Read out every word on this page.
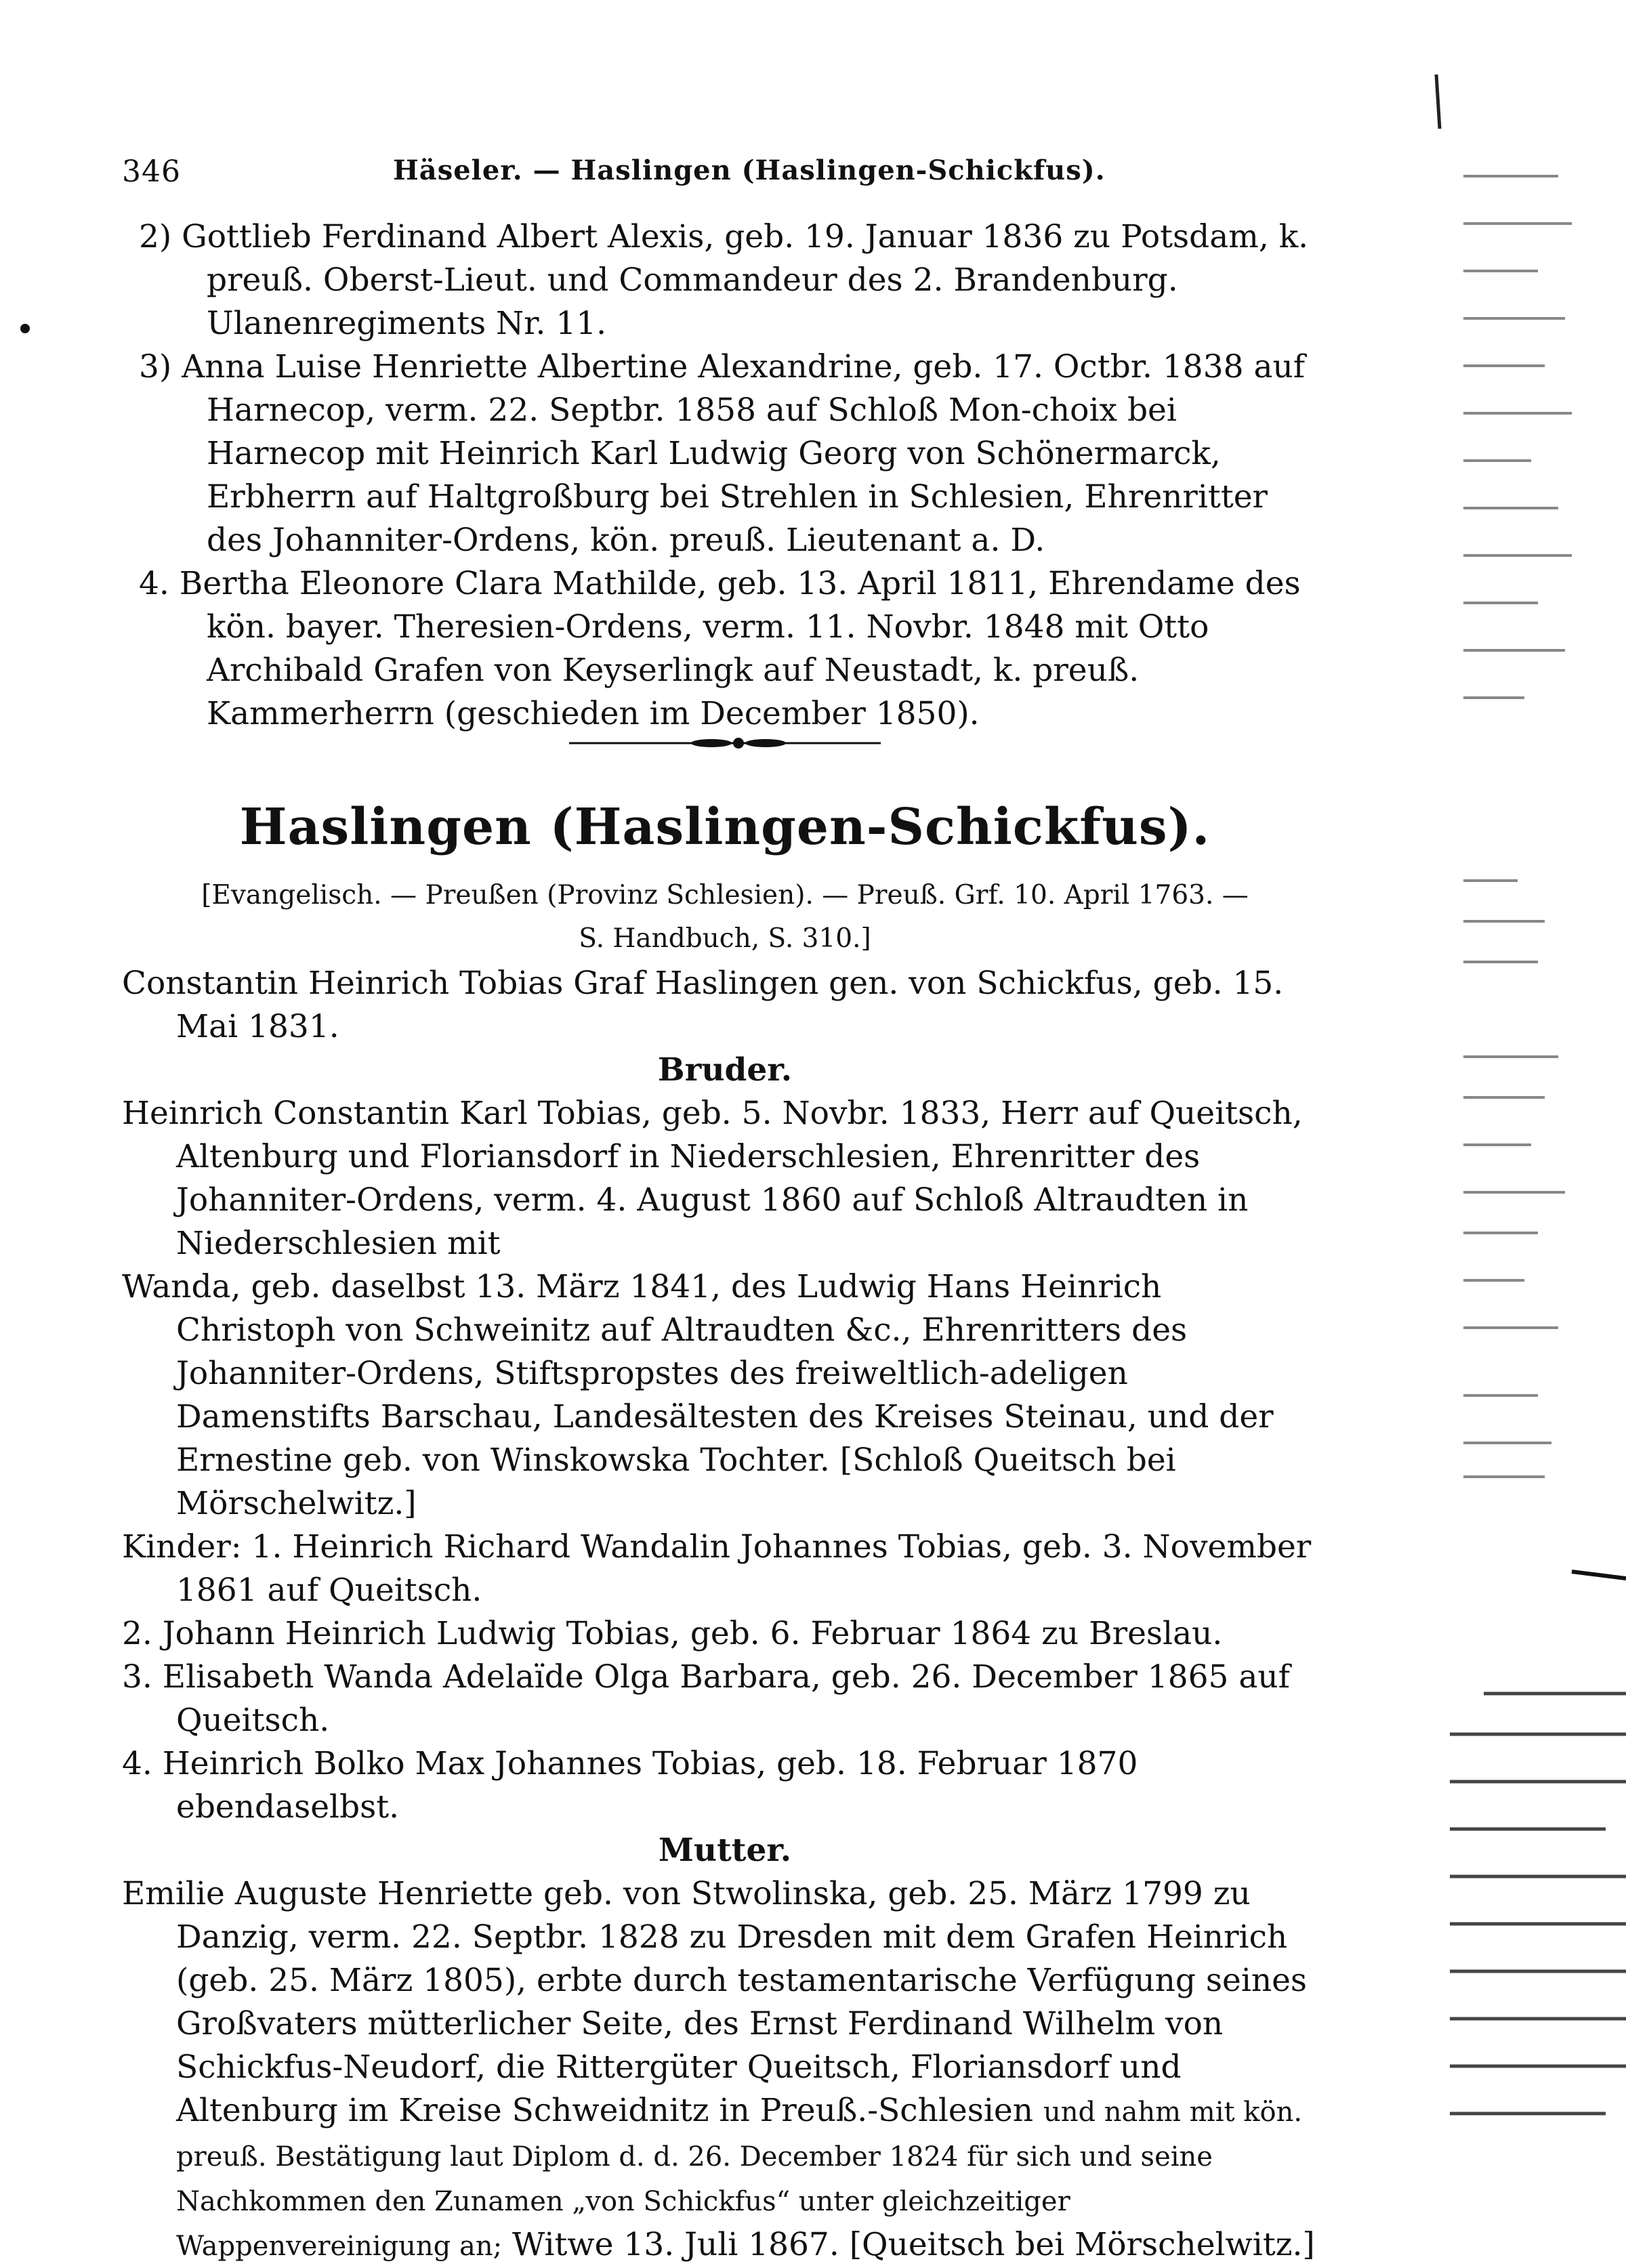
346	Häseler. — Haslingen (Haslingen-Schickfus).
2) Gottlieb Ferdinand Albert Alexis, geb. 19. Januar 1836 zu Potsdam, k. preuß. Oberst-Lieut. und Commandeur des 2. Brandenburg. Ulanenregiments Nr. 11.
3) Anna Luise Henriette Albertine Alexandrine, geb. 17. Octbr. 1838 auf Harnecop, verm. 22. Septbr. 1858 auf Schloß Mon-choix bei Harnecop mit Heinrich Karl Ludwig Georg von Schönermarck, Erbherrn auf Haltgroßburg bei Strehlen in Schlesien, Ehrenritter des Johanniter-Ordens, kön. preuß. Lieutenant a. D.
4. Bertha Eleonore Clara Mathilde, geb. 13. April 1811, Ehrendame des kön. bayer. Theresien-Ordens, verm. 11. Novbr. 1848 mit Otto Archibald Grafen von Keyserlingk auf Neustadt, k. preuß. Kammerherrn (geschieden im December 1850).
Haslingen (Haslingen-Schickfus).
[Evangelisch. — Preußen (Provinz Schlesien). — Preuß. Grf. 10. April 1763. —
S. Handbuch, S. 310.]
Constantin Heinrich Tobias Graf Haslingen gen. von Schickfus, geb. 15. Mai 1831.
Bruder.
Heinrich Constantin Karl Tobias, geb. 5. Novbr. 1833, Herr auf Queitsch, Altenburg und Floriansdorf in Niederschlesien, Ehrenritter des Johanniter-Ordens, verm. 4. August 1860 auf Schloß Altraudten in Niederschlesien mit
Wanda, geb. daselbst 13. März 1841, des Ludwig Hans Heinrich Christoph von Schweinitz auf Altraudten &c., Ehrenritters des Johanniter-Ordens, Stiftspropstes des freiweltlich-adeligen Damenstifts Barschau, Landesältesten des Kreises Steinau, und der Ernestine geb. von Winskowska Tochter. [Schloß Queitsch bei Mörschelwitz.]
Kinder: 1. Heinrich Richard Wandalin Johannes Tobias, geb. 3. November 1861 auf Queitsch.
2. Johann Heinrich Ludwig Tobias, geb. 6. Februar 1864 zu Breslau.
3. Elisabeth Wanda Adelaïde Olga Barbara, geb. 26. December 1865 auf Queitsch.
4. Heinrich Bolko Max Johannes Tobias, geb. 18. Februar 1870 ebendaselbst.
Mutter.
Emilie Auguste Henriette geb. von Stwolinska, geb. 25. März 1799 zu Danzig, verm. 22. Septbr. 1828 zu Dresden mit dem Grafen Heinrich (geb. 25. März 1805), erbte durch testamentarische Verfügung seines Großvaters mütterlicher Seite, des Ernst Ferdinand Wilhelm von Schickfus-Neudorf, die Rittergüter Queitsch, Floriansdorf und Altenburg im Kreise Schweidnitz in Preuß.-Schlesien und nahm mit kön. preuß. Bestätigung laut Diplom d. d. 26. December 1824 für sich und seine Nachkommen den Zunamen „von Schickfus“ unter gleichzeitiger Wappenvereinigung an; Witwe 13. Juli 1867. [Queitsch bei Mörschelwitz.]
